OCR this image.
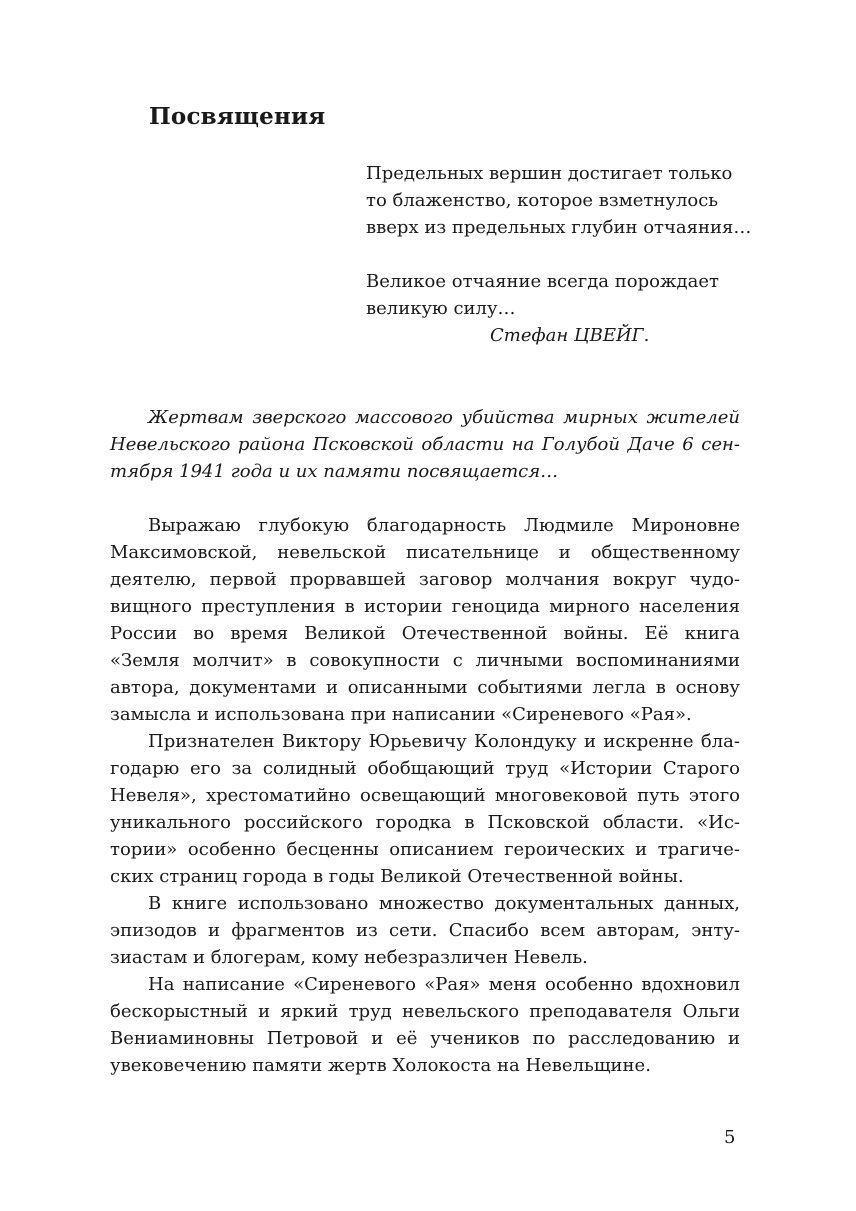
Посвящения

Предельных вершин достигает только то блаженство, которое взметнулось вверх из предельных глубин отчаяния…

Великое отчаяние всегда порождает великую силу…
Стефан ЦВЕЙГ.

Жертвам зверского массового убийства мирных жителей Невельского района Псковской области на Голубой Даче 6 сентября 1941 года и их памяти посвящается…

Выражаю глубокую благодарность Людмиле Мироновне Максимовской, невельской писательнице и общественному деятелю, первой прорвавшей заговор молчания вокруг чудовищного преступления в истории геноцида мирного населения России во время Великой Отечественной войны. Её книга «Земля молчит» в совокупности с личными воспоминаниями автора, документами и описанными событиями легла в основу замысла и использована при написании «Сиреневого «Рая».

Признателен Виктору Юрьевичу Колондуку и искренне благодарю его за солидный обобщающий труд «Истории Старого Невеля», хрестоматийно освещающий многовековой путь этого уникального российского городка в Псковской области. «Истории» особенно бесценны описанием героических и трагических страниц города в годы Великой Отечественной войны.

В книге использовано множество документальных данных, эпизодов и фрагментов из сети. Спасибо всем авторам, энтузиастам и блогерам, кому небезразличен Невель.

На написание «Сиреневого «Рая» меня особенно вдохновил бескорыстный и яркий труд невельского преподавателя Ольги Вениаминовны Петровой и её учеников по расследованию и увековечению памяти жертв Холокоста на Невельщине.

5
